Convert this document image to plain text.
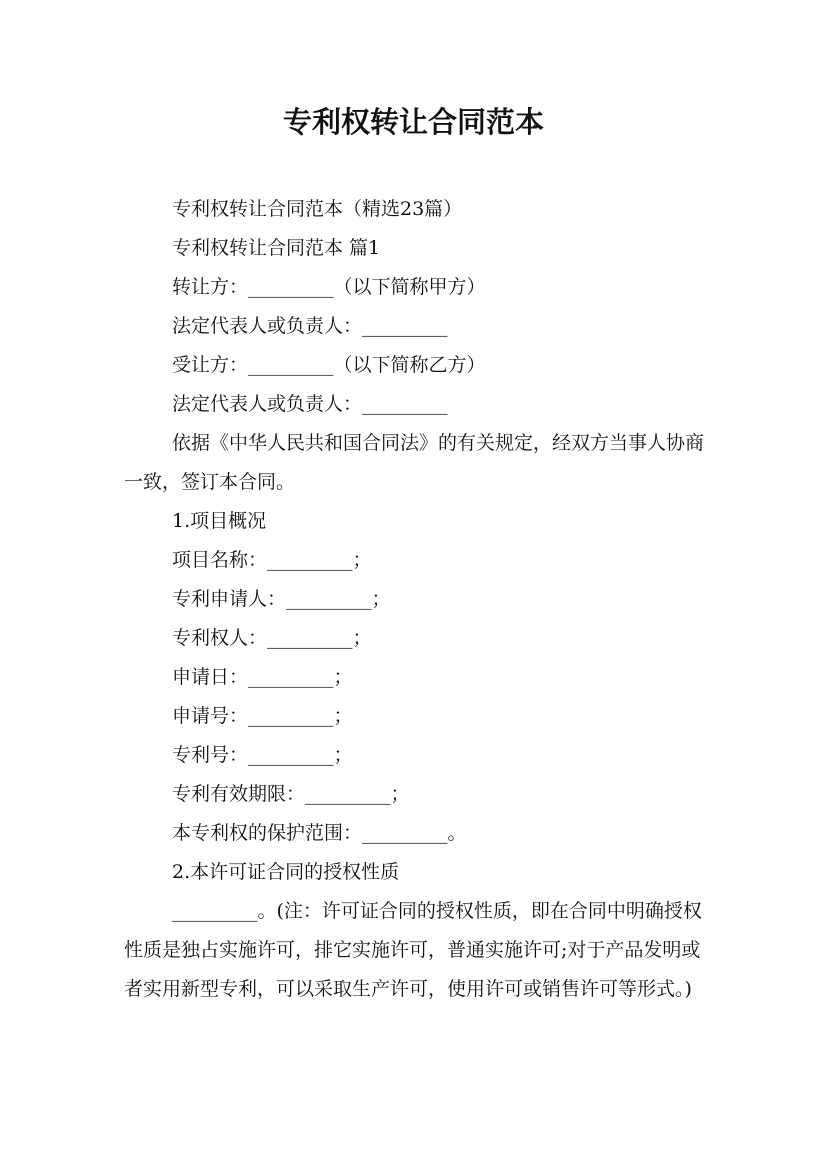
专利权转让合同范本

专利权转让合同范本（精选23篇）

专利权转让合同范本 篇1

转让方：_________（以下简称甲方）

法定代表人或负责人：_________

受让方：_________（以下简称乙方）

法定代表人或负责人：_________

依据《中华人民共和国合同法》的有关规定，经双方当事人协商一致，签订本合同。

1.项目概况

项目名称：_________；

专利申请人：_________；

专利权人：_________；

申请日：_________；

申请号：_________；

专利号：_________；

专利有效期限：_________；

本专利权的保护范围：_________。

2.本许可证合同的授权性质

_________。(注：许可证合同的授权性质，即在合同中明确授权性质是独占实施许可，排它实施许可，普通实施许可;对于产品发明或者实用新型专利，可以采取生产许可，使用许可或销售许可等形式。)
